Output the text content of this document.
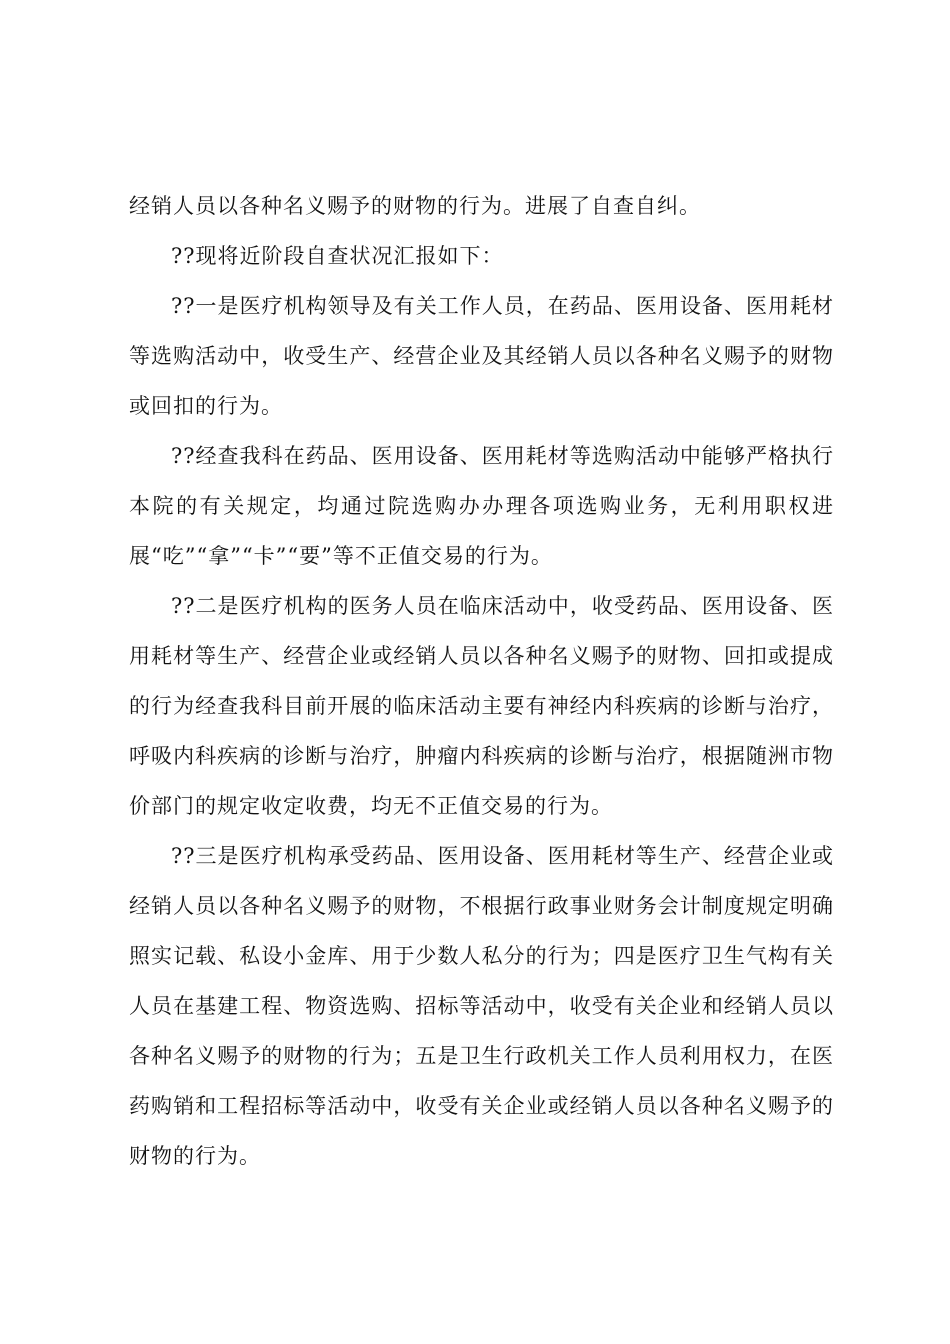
经销人员以各种名义赐予的财物的行为。进展了自查自纠。

??现将近阶段自查状况汇报如下：

??一是医疗机构领导及有关工作人员，在药品、医用设备、医用耗材等选购活动中，收受生产、经营企业及其经销人员以各种名义赐予的财物或回扣的行为。

??经查我科在药品、医用设备、医用耗材等选购活动中能够严格执行本院的有关规定，均通过院选购办办理各项选购业务，无利用职权进展“吃”“拿”“卡”“要”等不正值交易的行为。

??二是医疗机构的医务人员在临床活动中，收受药品、医用设备、医用耗材等生产、经营企业或经销人员以各种名义赐予的财物、回扣或提成的行为经查我科目前开展的临床活动主要有神经内科疾病的诊断与治疗，呼吸内科疾病的诊断与治疗，肿瘤内科疾病的诊断与治疗，根据随洲市物价部门的规定收定收费，均无不正值交易的行为。

??三是医疗机构承受药品、医用设备、医用耗材等生产、经营企业或经销人员以各种名义赐予的财物，不根据行政事业财务会计制度规定明确照实记载、私设小金库、用于少数人私分的行为；四是医疗卫生气构有关人员在基建工程、物资选购、招标等活动中，收受有关企业和经销人员以各种名义赐予的财物的行为；五是卫生行政机关工作人员利用权力，在医药购销和工程招标等活动中，收受有关企业或经销人员以各种名义赐予的财物的行为。
